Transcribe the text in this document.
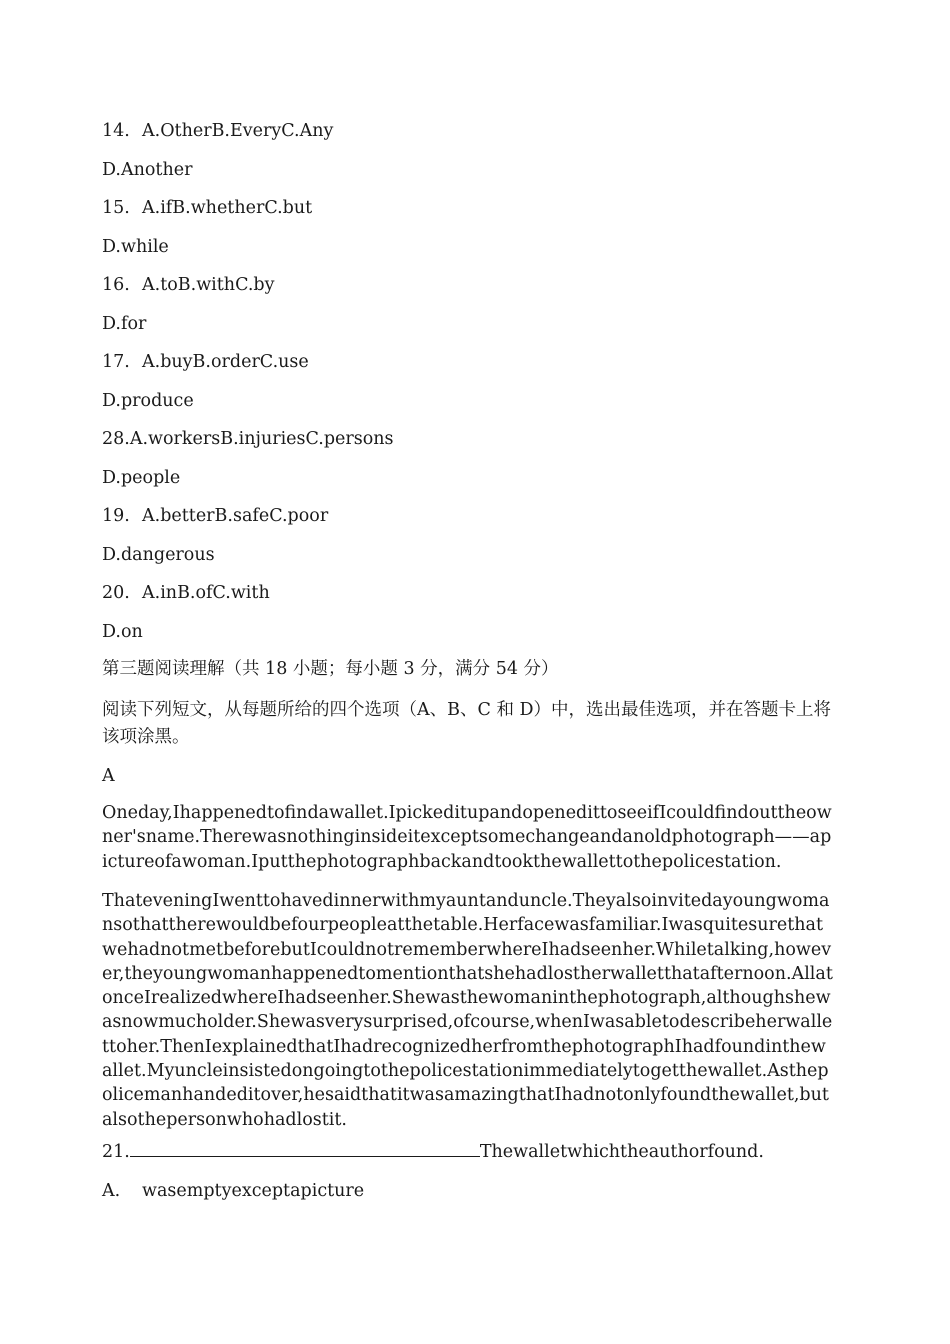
14. A.OtherB.EveryC.Any
D.Another
15. A.ifB.whetherC.but
D.while
16. A.toB.withC.by
D.for
17. A.buyB.orderC.use
D.produce
28.A.workersB.injuriesC.persons
D.people
19. A.betterB.safeC.poor
D.dangerous
20. A.inB.ofC.with
D.on
第三题阅读理解（共 18 小题；每小题 3 分，满分 54 分）
阅读下列短文，从每题所给的四个选项（A、B、C 和 D）中，选出最佳选项，并在答题卡上将该项涂黑。
A
Oneday,Ihappenedtofindawallet.IpickeditupandopenedittoseeifIcouldfindouttheowner'sname.Therewasnothinginsideitexceptsomechangeandanoldphotograph——apictureofawoman.Iputthephotographbackandtookthewallettothepolicestation.
ThateveningIwenttohavedinnerwithmyauntanduncle.Theyalsoinvitedayoungwomansothattherewouldbefourpeopleatthetable.Herfacewasfamiliar.IwasquitesurethatwehadnotmetbeforebutIcouldnotrememberwhereIhadseenher.Whiletalking,however,theyoungwomanhappenedtomentionthatshehadlostherwalletthatafternoon.AllatonceIrealizedwhereIhadseenher.Shewasthewomaninthephotograph,althoughshewasnowmucholder.Shewasverysurprised,ofcourse,whenIwasabletodescribeherwallettoher.ThenIexplainedthatIhadrecognizedherfromthephotographIhadfoundinthewallet.Myuncleinsistedongoingtothepolicestationimmediatelytogetthewallet.Asthepolicemanhandeditover,hesaidthatitwasamazingthatIhadnotonlyfoundthewallet,butalsothepersonwhohadlostit.
21.	Thewalletwhichtheauthorfound.
A. wasemptyexceptapicture
